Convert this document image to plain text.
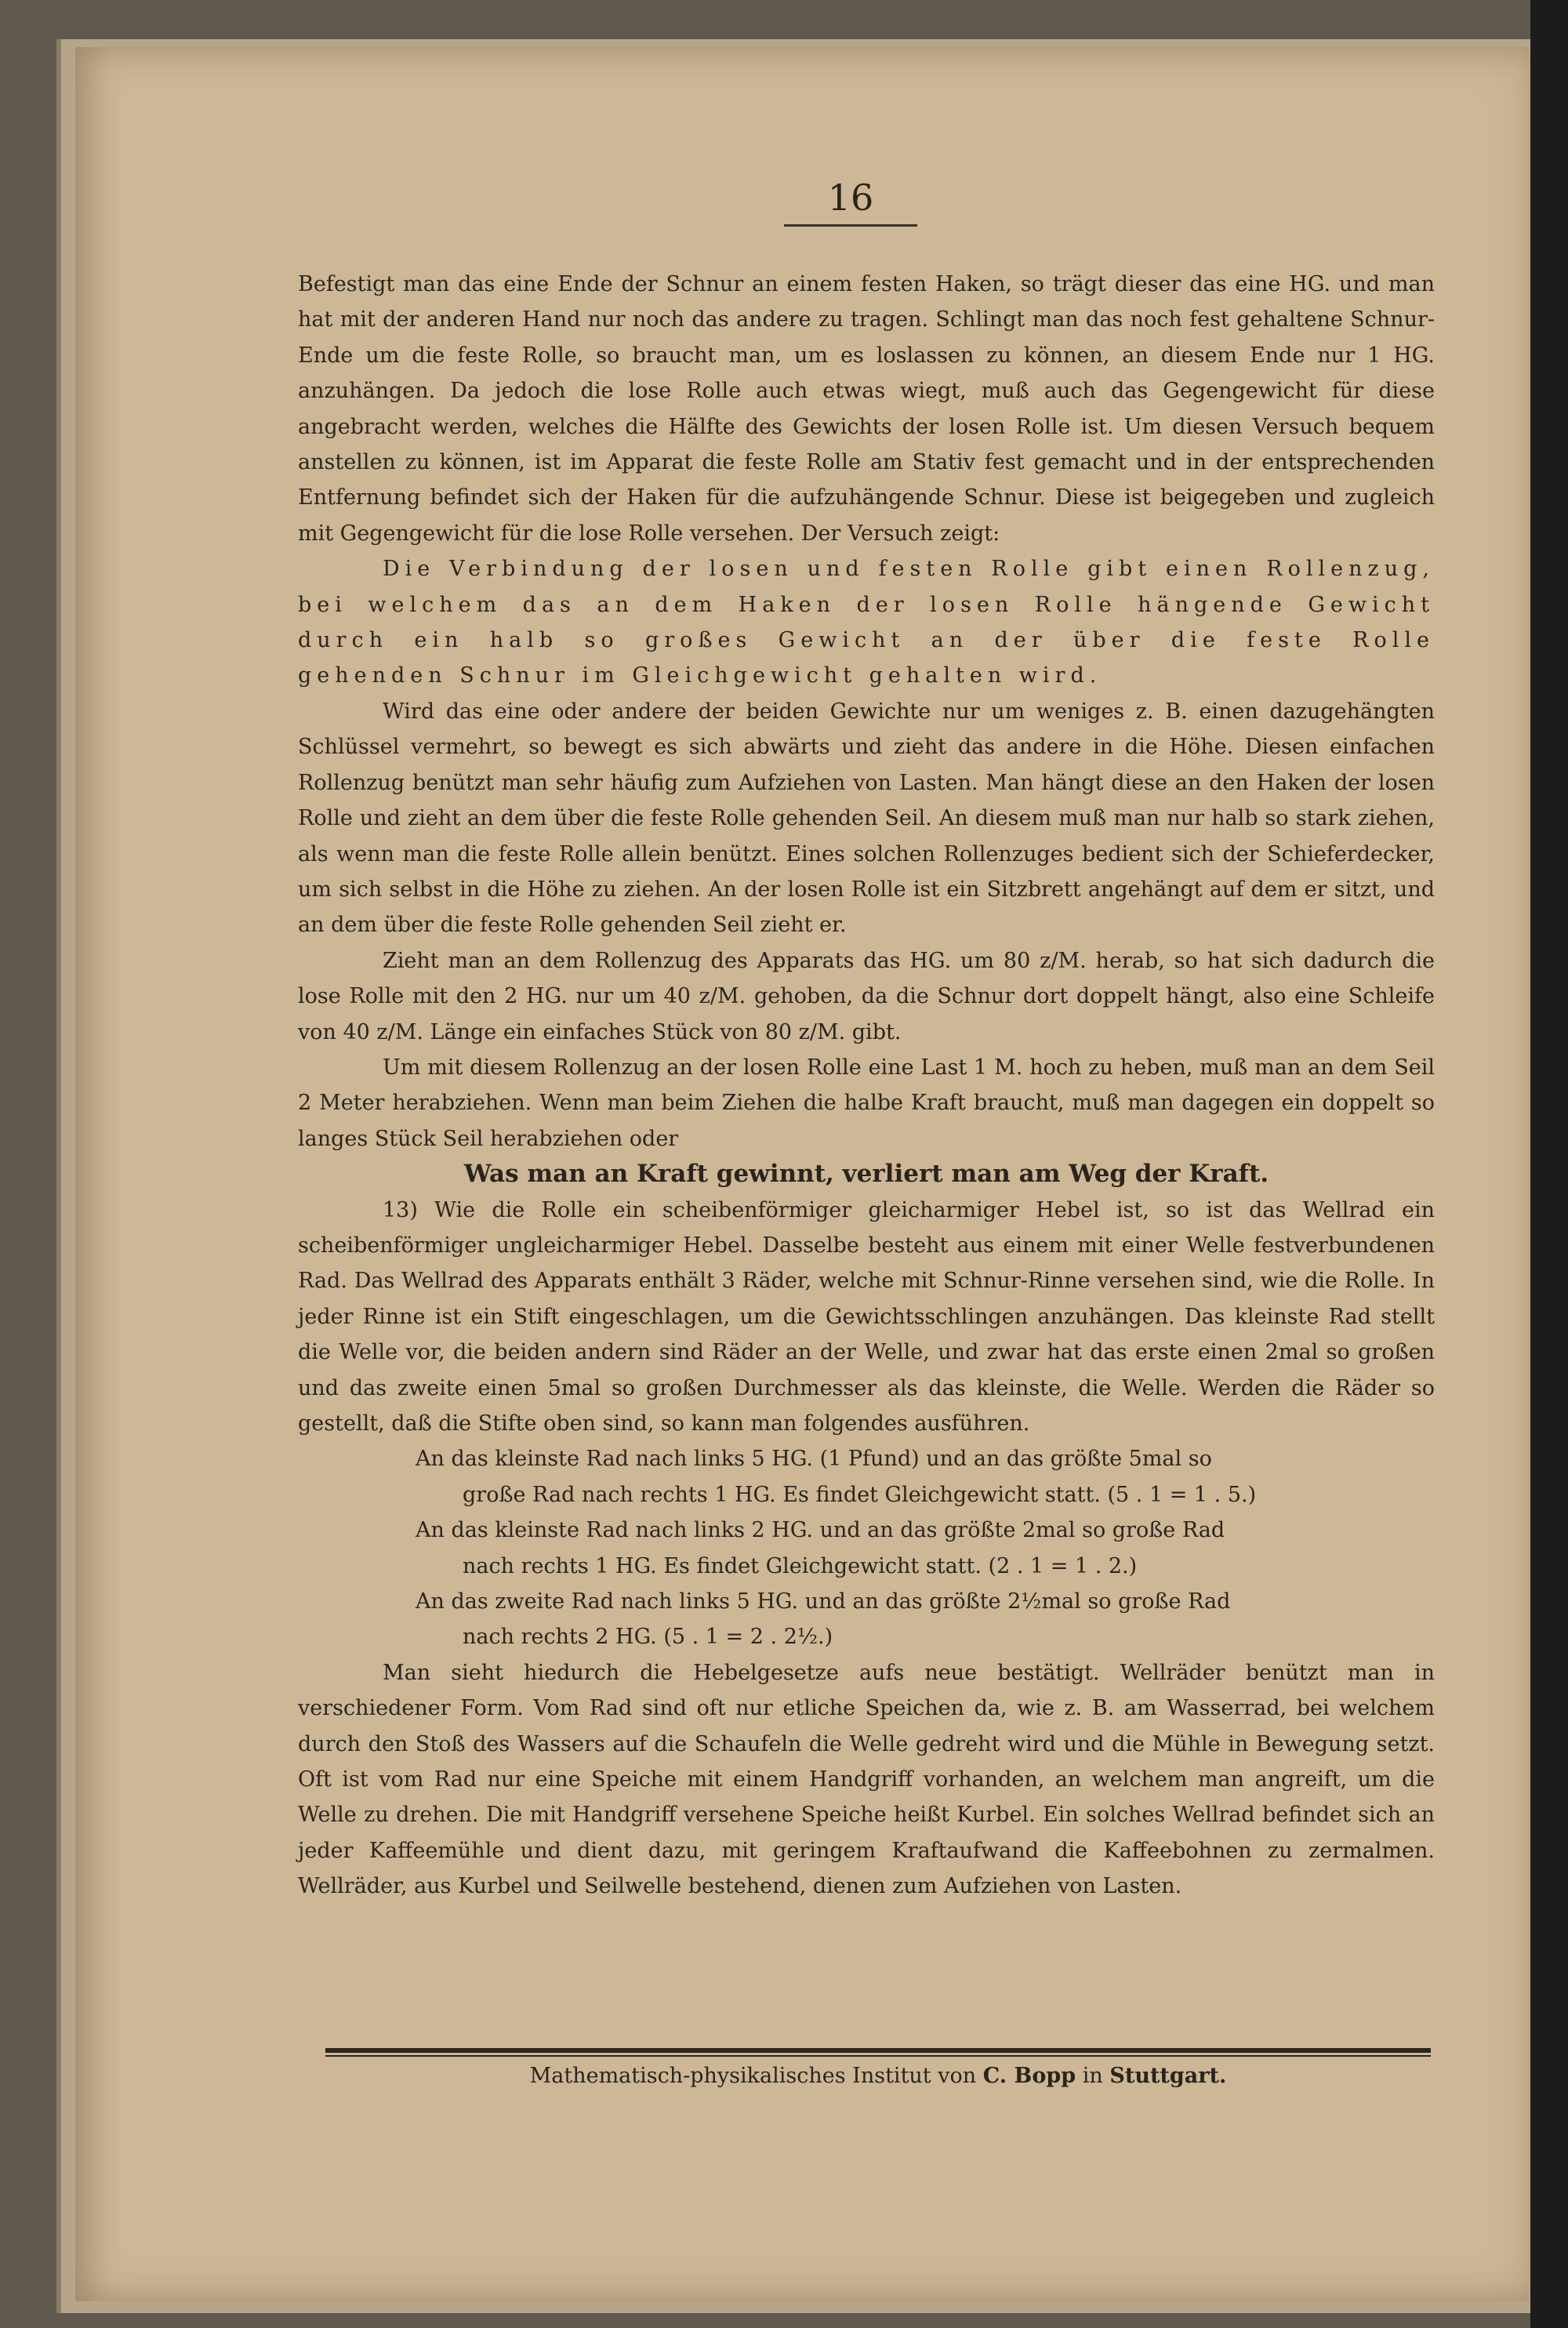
16

Befestigt man das eine Ende der Schnur an einem festen Haken, so trägt dieser das eine HG. und man hat mit der anderen Hand nur noch das andere zu tragen. Schlingt man das noch fest gehaltene Schnur-Ende um die feste Rolle, so braucht man, um es loslassen zu können, an diesem Ende nur 1 HG. anzuhängen. Da jedoch die lose Rolle auch etwas wiegt, muß auch das Gegengewicht für diese angebracht werden, welches die Hälfte des Gewichts der losen Rolle ist. Um diesen Versuch bequem anstellen zu können, ist im Apparat die feste Rolle am Stativ fest gemacht und in der entsprechenden Entfernung befindet sich der Haken für die aufzuhängende Schnur. Diese ist beigegeben und zugleich mit Gegengewicht für die lose Rolle versehen. Der Versuch zeigt:

Die Verbindung der losen und festen Rolle gibt einen Rollenzug, bei welchem das an dem Haken der losen Rolle hängende Gewicht durch ein halb so großes Gewicht an der über die feste Rolle gehenden Schnur im Gleichgewicht gehalten wird.

Wird das eine oder andere der beiden Gewichte nur um weniges z. B. einen dazugehängten Schlüssel vermehrt, so bewegt es sich abwärts und zieht das andere in die Höhe. Diesen einfachen Rollenzug benützt man sehr häufig zum Aufziehen von Lasten. Man hängt diese an den Haken der losen Rolle und zieht an dem über die feste Rolle gehenden Seil. An diesem muß man nur halb so stark ziehen, als wenn man die feste Rolle allein benützt. Eines solchen Rollenzuges bedient sich der Schieferdecker, um sich selbst in die Höhe zu ziehen. An der losen Rolle ist ein Sitzbrett angehängt auf dem er sitzt, und an dem über die feste Rolle gehenden Seil zieht er.

Zieht man an dem Rollenzug des Apparats das HG. um 80 z/M. herab, so hat sich dadurch die lose Rolle mit den 2 HG. nur um 40 z/M. gehoben, da die Schnur dort doppelt hängt, also eine Schleife von 40 z/M. Länge ein einfaches Stück von 80 z/M. gibt.

Um mit diesem Rollenzug an der losen Rolle eine Last 1 M. hoch zu heben, muß man an dem Seil 2 Meter herabziehen. Wenn man beim Ziehen die halbe Kraft braucht, muß man dagegen ein doppelt so langes Stück Seil herabziehen oder

Was man an Kraft gewinnt, verliert man am Weg der Kraft.

13) Wie die Rolle ein scheibenförmiger gleicharmiger Hebel ist, so ist das Wellrad ein scheibenförmiger ungleicharmiger Hebel. Dasselbe besteht aus einem mit einer Welle festverbundenen Rad. Das Wellrad des Apparats enthält 3 Räder, welche mit Schnur-Rinne versehen sind, wie die Rolle. In jeder Rinne ist ein Stift eingeschlagen, um die Gewichtsschlingen anzuhängen. Das kleinste Rad stellt die Welle vor, die beiden andern sind Räder an der Welle, und zwar hat das erste einen 2mal so großen und das zweite einen 5mal so großen Durchmesser als das kleinste, die Welle. Werden die Räder so gestellt, daß die Stifte oben sind, so kann man folgendes ausführen.

An das kleinste Rad nach links 5 HG. (1 Pfund) und an das größte 5mal so
große Rad nach rechts 1 HG. Es findet Gleichgewicht statt. (5 . 1 = 1 . 5.)

An das kleinste Rad nach links 2 HG. und an das größte 2mal so große Rad
nach rechts 1 HG. Es findet Gleichgewicht statt. (2 . 1 = 1 . 2.)

An das zweite Rad nach links 5 HG. und an das größte 2½mal so große Rad
nach rechts 2 HG. (5 . 1 = 2 . 2½.)

Man sieht hiedurch die Hebelgesetze aufs neue bestätigt. Wellräder benützt man in verschiedener Form. Vom Rad sind oft nur etliche Speichen da, wie z. B. am Wasserrad, bei welchem durch den Stoß des Wassers auf die Schaufeln die Welle gedreht wird und die Mühle in Bewegung setzt. Oft ist vom Rad nur eine Speiche mit einem Handgriff vorhanden, an welchem man angreift, um die Welle zu drehen. Die mit Handgriff versehene Speiche heißt Kurbel. Ein solches Wellrad befindet sich an jeder Kaffeemühle und dient dazu, mit geringem Kraftaufwand die Kaffeebohnen zu zermalmen. Wellräder, aus Kurbel und Seilwelle bestehend, dienen zum Aufziehen von Lasten.

Mathematisch-physikalisches Institut von C. Bopp in Stuttgart.
